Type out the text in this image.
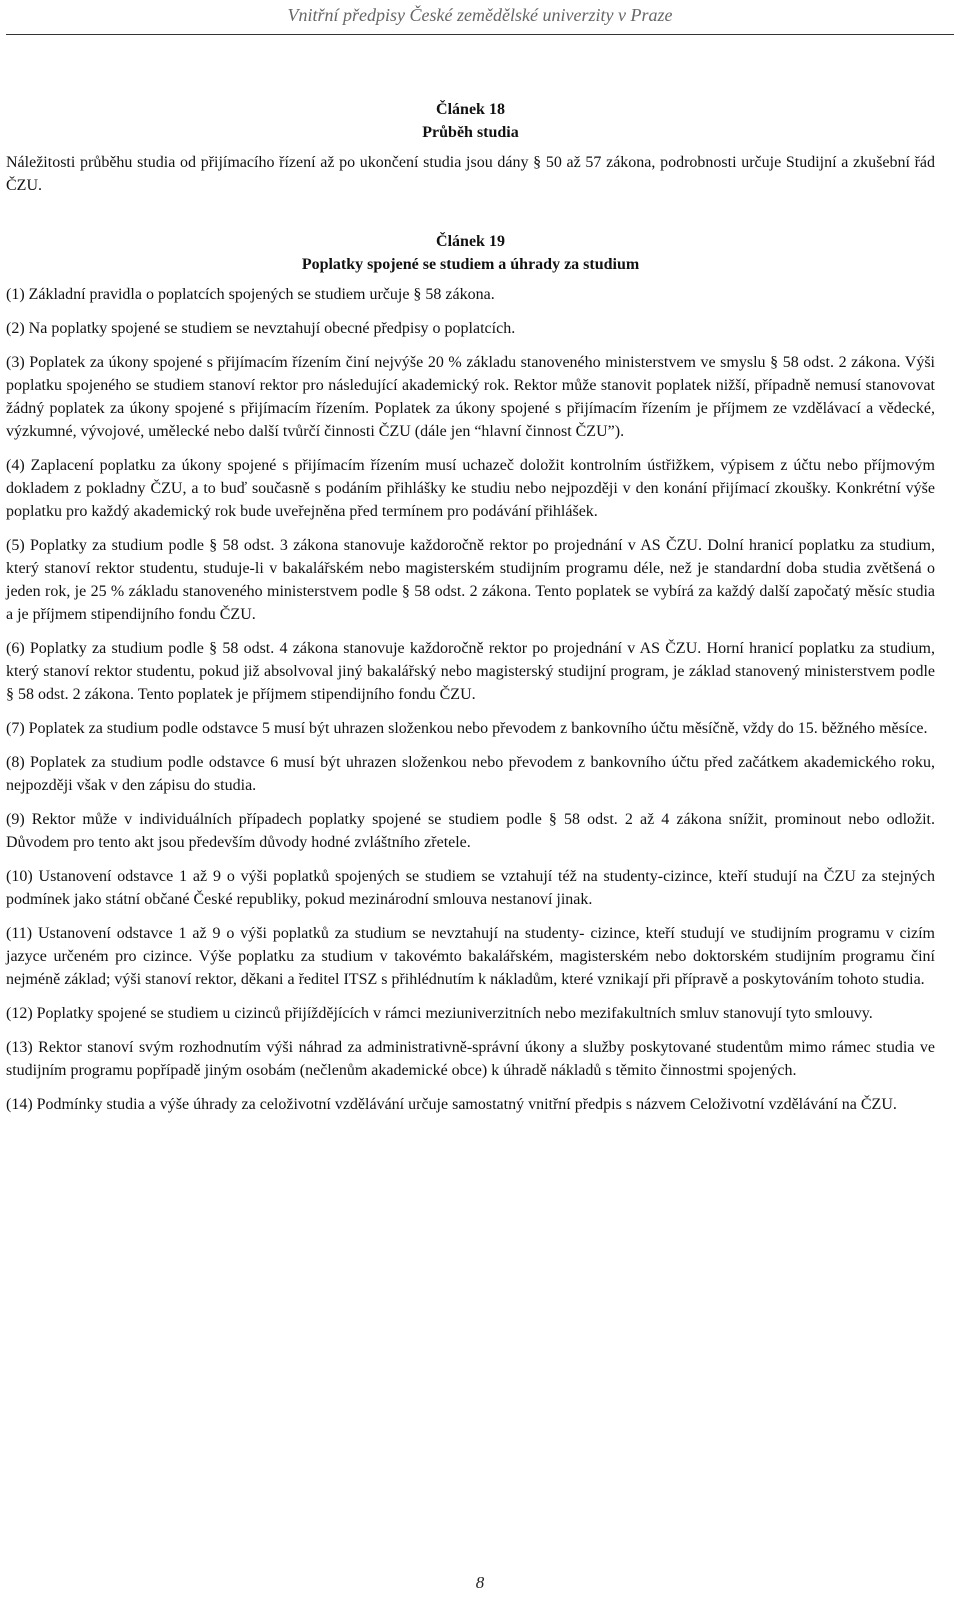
Vnitřní předpisy České zemědělské univerzity v Praze

Článek 18

Průběh studia

Náležitosti průběhu studia od přijímacího řízení až po ukončení studia jsou dány § 50 až 57 zákona, podrobnosti určuje Studijní a zkušební řád ČZU.

Článek 19

Poplatky spojené se studiem a úhrady za studium

(1) Základní pravidla o poplatcích spojených se studiem určuje § 58 zákona.

(2) Na poplatky spojené se studiem se nevztahují obecné předpisy o poplatcích.

(3) Poplatek za úkony spojené s přijímacím řízením činí nejvýše 20 % základu stanoveného ministerstvem ve smyslu § 58 odst. 2 zákona. Výši poplatku spojeného se studiem stanoví rektor pro následující akademický rok. Rektor může stanovit poplatek nižší, případně nemusí stanovovat žádný poplatek za úkony spojené s přijímacím řízením. Poplatek za úkony spojené s přijímacím řízením je příjmem ze vzdělávací a vědecké, výzkumné, vývojové, umělecké nebo další tvůrčí činnosti ČZU (dále jen “hlavní činnost ČZU”).

(4) Zaplacení poplatku za úkony spojené s přijímacím řízením musí uchazeč doložit kontrolním ústřižkem, výpisem z účtu nebo příjmovým dokladem z pokladny ČZU, a to buď současně s podáním přihlášky ke studiu nebo nejpozději v den konání přijímací zkoušky. Konkrétní výše poplatku pro každý akademický rok bude uveřejněna před termínem pro podávání přihlášek.

(5) Poplatky za studium podle § 58 odst. 3 zákona stanovuje každoročně rektor po projednání v AS ČZU. Dolní hranicí poplatku za studium, který stanoví rektor studentu, studuje-li v bakalářském nebo magisterském studijním programu déle, než je standardní doba studia zvětšená o jeden rok, je 25 % základu stanoveného ministerstvem podle § 58 odst. 2 zákona. Tento poplatek se vybírá za každý další započatý měsíc studia a je příjmem stipendijního fondu ČZU.

(6) Poplatky za studium podle § 58 odst. 4 zákona stanovuje každoročně rektor po projednání v AS ČZU. Horní hranicí poplatku za studium, který stanoví rektor studentu, pokud již absolvoval jiný bakalářský nebo magisterský studijní program, je základ stanovený ministerstvem podle § 58 odst. 2 zákona. Tento poplatek je příjmem stipendijního fondu ČZU.

(7) Poplatek za studium podle odstavce 5 musí být uhrazen složenkou nebo převodem z bankovního účtu měsíčně, vždy do 15. běžného měsíce.

(8) Poplatek za studium podle odstavce 6 musí být uhrazen složenkou nebo převodem z bankovního účtu před začátkem akademického roku, nejpozději však v den zápisu do studia.

(9) Rektor může v individuálních případech poplatky spojené se studiem podle § 58 odst. 2 až 4 zákona snížit, prominout nebo odložit. Důvodem pro tento akt jsou především důvody hodné zvláštního zřetele.

(10) Ustanovení odstavce 1 až 9 o výši poplatků spojených se studiem se vztahují též na studenty-cizince, kteří studují na ČZU za stejných podmínek jako státní občané České republiky, pokud mezinárodní smlouva nestanoví jinak.

(11) Ustanovení odstavce 1 až 9 o výši poplatků za studium se nevztahují na studenty- cizince, kteří studují ve studijním programu v cizím jazyce určeném pro cizince. Výše poplatku za studium v takovémto bakalářském, magisterském nebo doktorském studijním programu činí nejméně základ; výši stanoví rektor, děkani a ředitel ITSZ s přihlédnutím k nákladům, které vznikají při přípravě a poskytováním tohoto studia.

(12) Poplatky spojené se studiem u cizinců přijíždějících v rámci meziuniverzitních nebo mezifakultních smluv stanovují tyto smlouvy.

(13) Rektor stanoví svým rozhodnutím výši náhrad za administrativně-správní úkony a služby poskytované studentům mimo rámec studia ve studijním programu popřípadě jiným osobám (nečlenům akademické obce) k úhradě nákladů s těmito činnostmi spojených.

(14) Podmínky studia a výše úhrady za celoživotní vzdělávání určuje samostatný vnitřní předpis s názvem Celoživotní vzdělávání na ČZU.

8
